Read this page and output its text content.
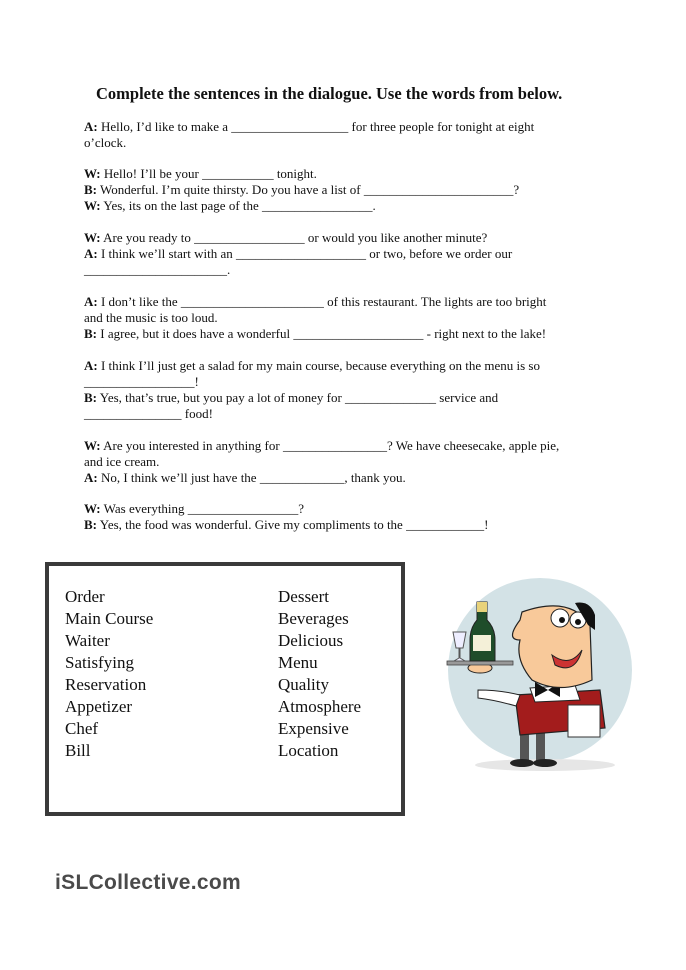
Complete the sentences in the dialogue. Use the words from below.
A: Hello, I’d like to make a __________________ for three people for tonight at eight
o’clock.
W: Hello! I’ll be your ___________ tonight.
B: Wonderful. I’m quite thirsty. Do you have a list of _______________________?
W: Yes, its on the last page of the _________________.
W: Are you ready to _________________ or would you like another minute?
A: I think we’ll start with an ____________________ or two, before we order our
______________________.
A: I don’t like the ______________________ of this restaurant. The lights are too bright
and the music is too loud.
B: I agree, but it does have a wonderful ____________________ - right next to the lake!
A: I think I’ll just get a salad for my main course, because everything on the menu is so
_________________!
B: Yes, that’s true, but you pay a lot of money for ______________ service and
_______________ food!
W: Are you interested in anything for ________________? We have cheesecake, apple pie,
and ice cream.
A: No, I think we’ll just have the _____________, thank you.
W: Was everything _________________?
B: Yes, the food was wonderful. Give my compliments to the ____________!
Order
Main Course
Waiter
Satisfying
Reservation
Appetizer
Chef
Bill
Dessert
Beverages
Delicious
Menu
Quality
Atmosphere
Expensive
Location
iSLCollective.com
